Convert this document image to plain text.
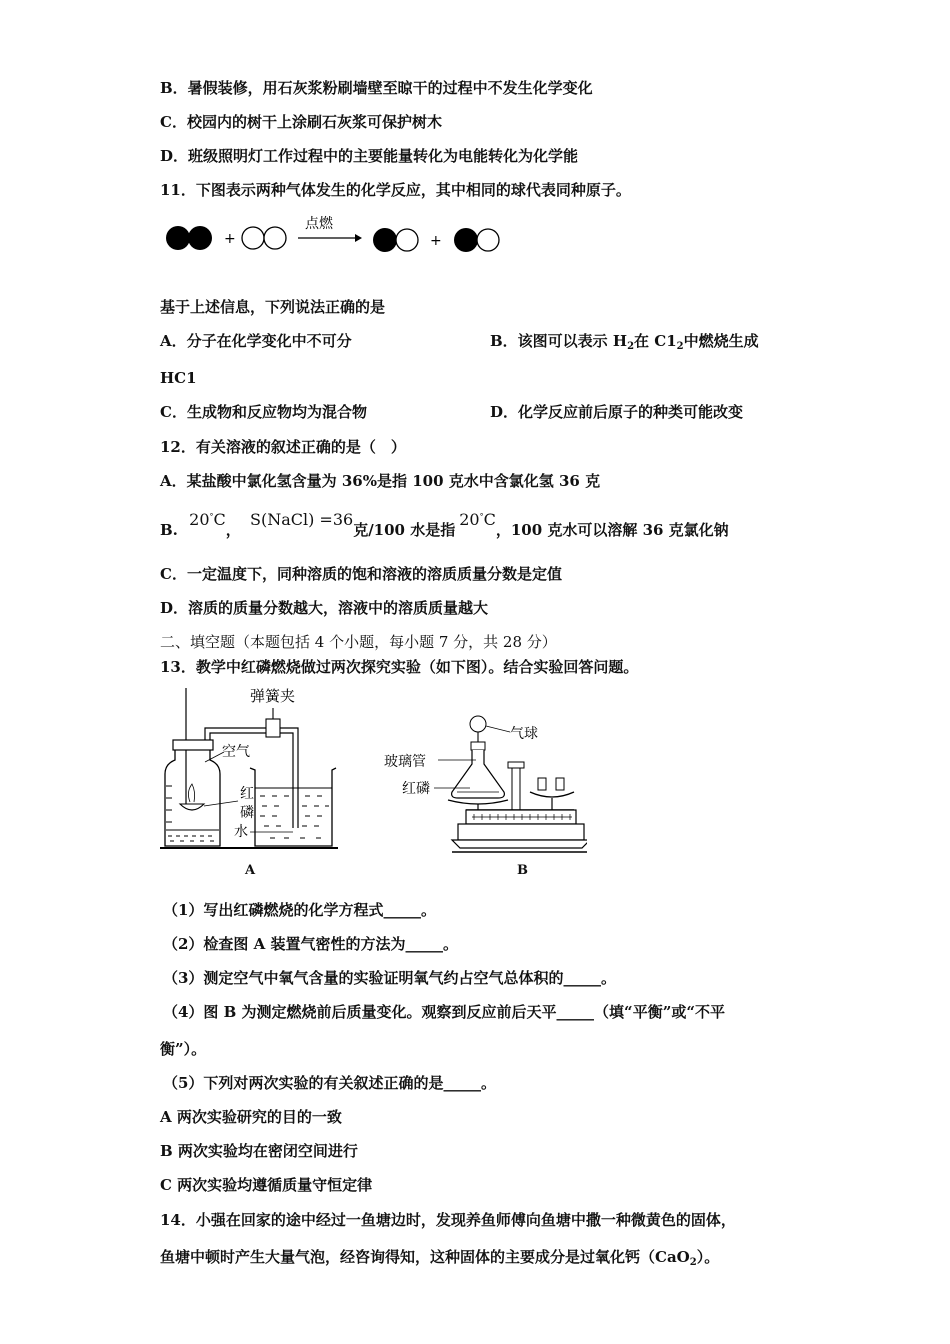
B．暑假装修，用石灰浆粉刷墙壁至晾干的过程中不发生化学变化
C．校园内的树干上涂刷石灰浆可保护树木
D．班级照明灯工作过程中的主要能量转化为电能转化为化学能
11．下图表示两种气体发生的化学反应，其中相同的球代表同种原子。
+
点燃
+
基于上述信息，下列说法正确的是
A．分子在化学变化中不可分	B．该图可以表示 $H_2$在 $C1_2$中燃烧生成
HC1
C．生成物和反应物均为混合物	D．化学反应前后原子的种类可能改变
12．有关溶液的叙述正确的是（　）
A．某盐酸中氯化氢含量为 36%是指 100 克水中含氯化氢 36 克
B. 20°C， S(NaCl) =36克/100 水是指20°C，100 克水可以溶解 36 克氯化钠
C．一定温度下，同种溶质的饱和溶液的溶质质量分数是定值
D．溶质的质量分数越大，溶液中的溶质质量越大
二、填空题（本题包括 4 个小题，每小题 7 分，共 28 分）
13．教学中红磷燃烧做过两次探究实验（如下图）。结合实验回答问题。
弹簧夹
空气
红
磷
水
A
气球
玻璃管
红磷
B
（1）写出红磷燃烧的化学方程式_____。
（2）检查图 A 装置气密性的方法为_____。
（3）测定空气中氧气含量的实验证明氧气约占空气总体积的_____。
（4）图 B 为测定燃烧前后质量变化。观察到反应前后天平_____（填“平衡”或“不平
衡”）。
（5）下列对两次实验的有关叙述正确的是_____。
A 两次实验研究的目的一致
B 两次实验均在密闭空间进行
C 两次实验均遵循质量守恒定律
14．小强在回家的途中经过一鱼塘边时，发现养鱼师傅向鱼塘中撒一种微黄色的固体，
鱼塘中顿时产生大量气泡，经咨询得知，这种固体的主要成分是过氧化钙（CaO$_2$）。
